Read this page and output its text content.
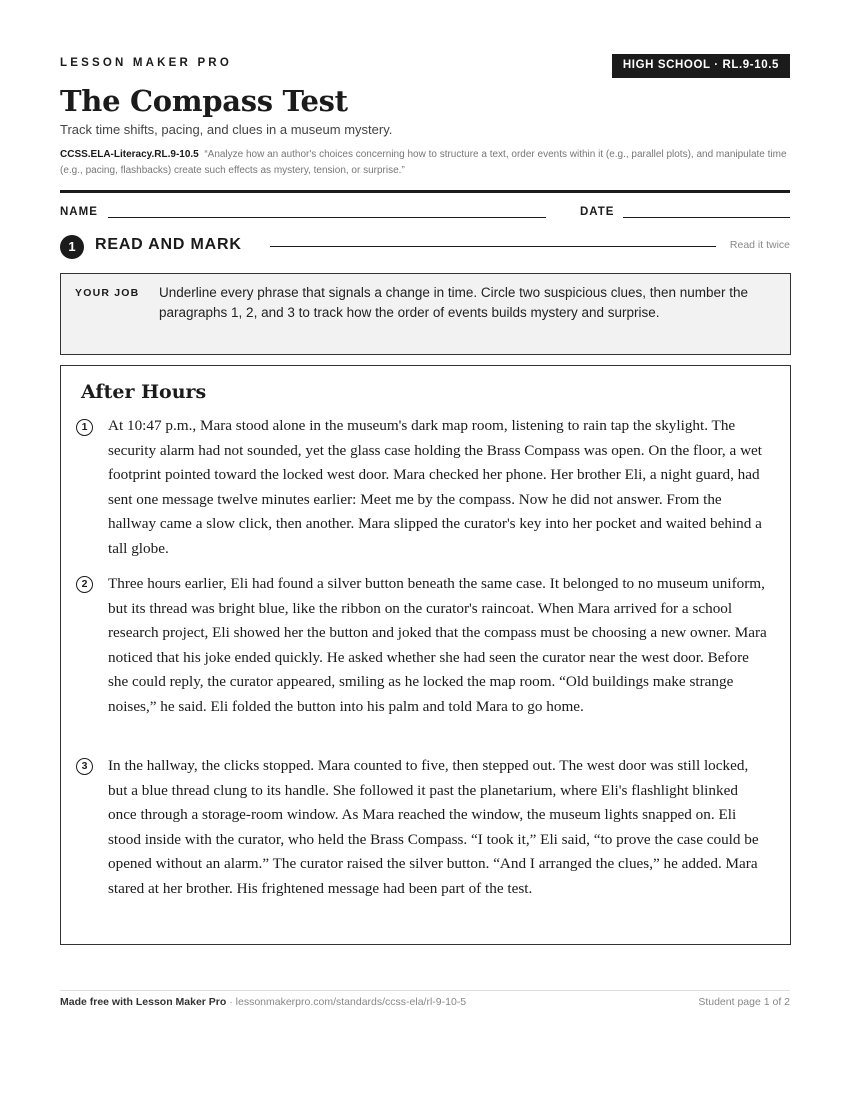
LESSON MAKER PRO	HIGH SCHOOL · RL.9-10.5
The Compass Test
Track time shifts, pacing, and clues in a museum mystery.
CCSS.ELA-Literacy.RL.9-10.5 “Analyze how an author's choices concerning how to structure a text, order events within it (e.g., parallel plots), and manipulate time (e.g., pacing, flashbacks) create such effects as mystery, tension, or surprise.”
NAME	DATE
1	READ AND MARK	Read it twice
YOUR JOB Underline every phrase that signals a change in time. Circle two suspicious clues, then number the paragraphs 1, 2, and 3 to track how the order of events builds mystery and surprise.
After Hours
1	At 10:47 p.m., Mara stood alone in the museum's dark map room, listening to rain tap the skylight. The security alarm had not sounded, yet the glass case holding the Brass Compass was open. On the floor, a wet footprint pointed toward the locked west door. Mara checked her phone. Her brother Eli, a night guard, had sent one message twelve minutes earlier: Meet me by the compass. Now he did not answer. From the hallway came a slow click, then another. Mara slipped the curator's key into her pocket and waited behind a tall globe.
2	Three hours earlier, Eli had found a silver button beneath the same case. It belonged to no museum uniform, but its thread was bright blue, like the ribbon on the curator's raincoat. When Mara arrived for a school research project, Eli showed her the button and joked that the compass must be choosing a new owner. Mara noticed that his joke ended quickly. He asked whether she had seen the curator near the west door. Before she could reply, the curator appeared, smiling as he locked the map room. “Old buildings make strange noises,” he said. Eli folded the button into his palm and told Mara to go home.
3	In the hallway, the clicks stopped. Mara counted to five, then stepped out. The west door was still locked, but a blue thread clung to its handle. She followed it past the planetarium, where Eli's flashlight blinked once through a storage-room window. As Mara reached the window, the museum lights snapped on. Eli stood inside with the curator, who held the Brass Compass. “I took it,” Eli said, “to prove the case could be opened without an alarm.” The curator raised the silver button. “And I arranged the clues,” he added. Mara stared at her brother. His frightened message had been part of the test.
Made free with Lesson Maker Pro · lessonmakerpro.com/standards/ccss-ela/rl-9-10-5	Student page 1 of 2
